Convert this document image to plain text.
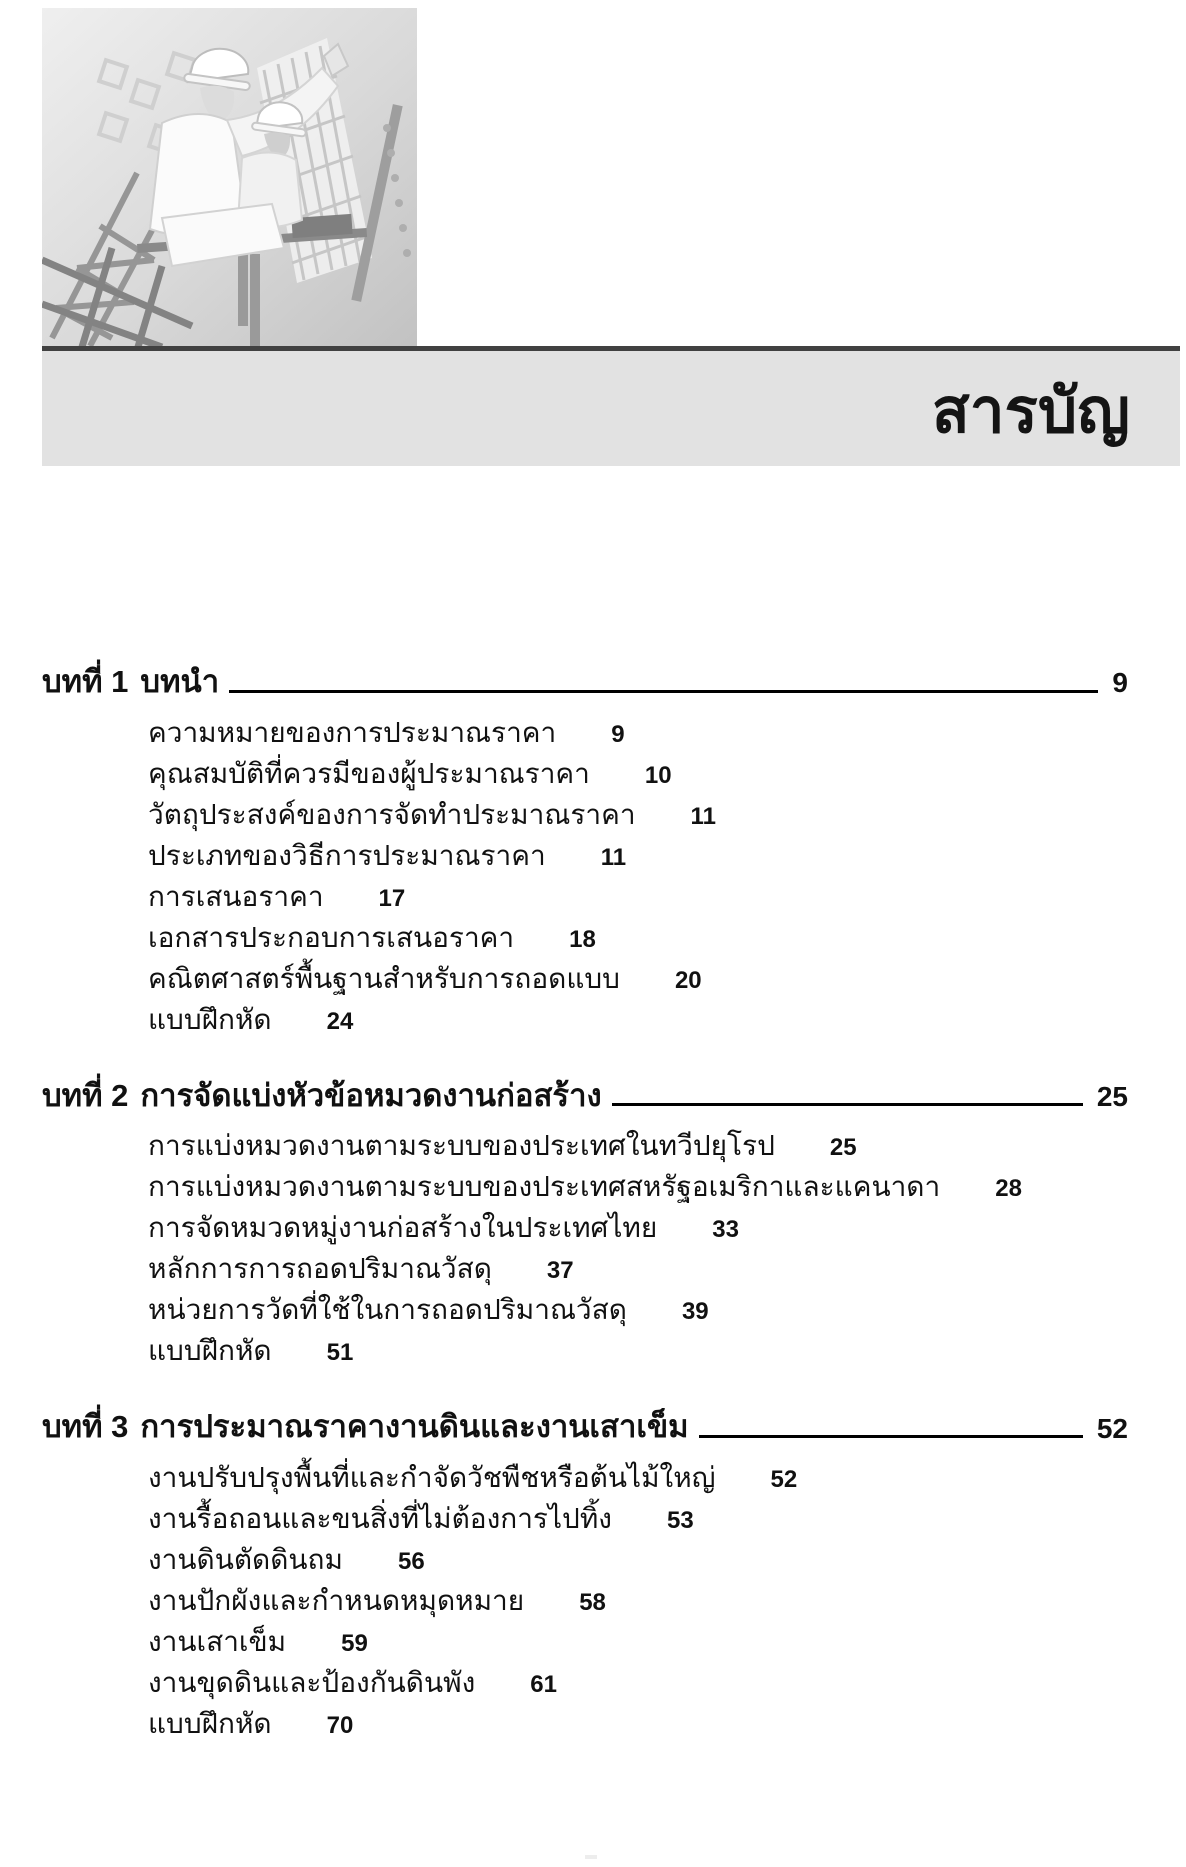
สารบัญ
บทที่ 1 บทนำ	9
ความหมายของการประมาณราคา 9
คุณสมบัติที่ควรมีของผู้ประมาณราคา 10
วัตถุประสงค์ของการจัดทำประมาณราคา 11
ประเภทของวิธีการประมาณราคา 11
การเสนอราคา 17
เอกสารประกอบการเสนอราคา 18
คณิตศาสตร์พื้นฐานสำหรับการถอดแบบ 20
แบบฝึกหัด 24
บทที่ 2 การจัดแบ่งหัวข้อหมวดงานก่อสร้าง	25
การแบ่งหมวดงานตามระบบของประเทศในทวีปยุโรป 25
การแบ่งหมวดงานตามระบบของประเทศสหรัฐอเมริกาและแคนาดา 28
การจัดหมวดหมู่งานก่อสร้างในประเทศไทย 33
หลักการการถอดปริมาณวัสดุ 37
หน่วยการวัดที่ใช้ในการถอดปริมาณวัสดุ 39
แบบฝึกหัด 51
บทที่ 3 การประมาณราคางานดินและงานเสาเข็ม	52
งานปรับปรุงพื้นที่และกำจัดวัชพืชหรือต้นไม้ใหญ่ 52
งานรื้อถอนและขนสิ่งที่ไม่ต้องการไปทิ้ง 53
งานดินตัดดินถม 56
งานปักผังและกำหนดหมุดหมาย 58
งานเสาเข็ม 59
งานขุดดินและป้องกันดินพัง 61
แบบฝึกหัด 70
